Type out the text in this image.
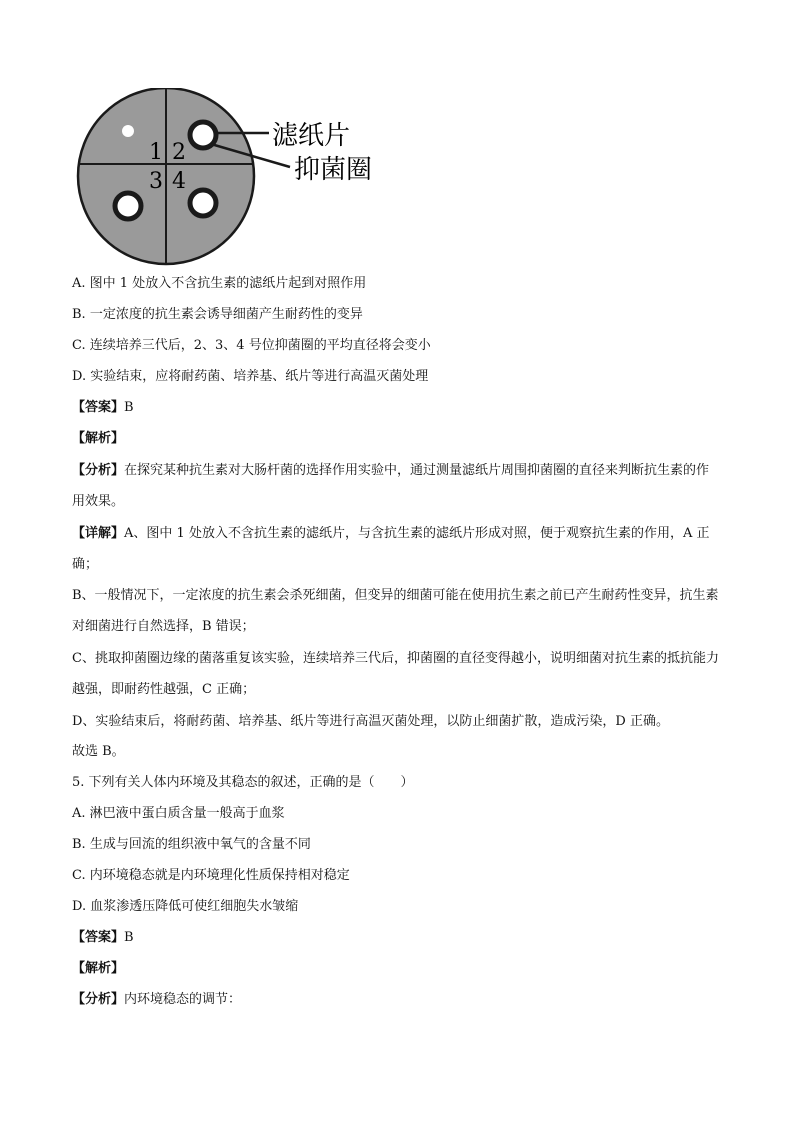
1 2
3 4
滤纸片
抑菌圈
A. 图中 1 处放入不含抗生素的滤纸片起到对照作用
B. 一定浓度的抗生素会诱导细菌产生耐药性的变异
C. 连续培养三代后，2、3、4 号位抑菌圈的平均直径将会变小
D. 实验结束，应将耐药菌、培养基、纸片等进行高温灭菌处理
【答案】B
【解析】
【分析】在探究某种抗生素对大肠杆菌的选择作用实验中，通过测量滤纸片周围抑菌圈的直径来判断抗生素的作用效果。
【详解】A、图中 1 处放入不含抗生素的滤纸片，与含抗生素的滤纸片形成对照，便于观察抗生素的作用，A 正确；
B、一般情况下，一定浓度的抗生素会杀死细菌，但变异的细菌可能在使用抗生素之前已产生耐药性变异，抗生素对细菌进行自然选择，B 错误；
C、挑取抑菌圈边缘的菌落重复该实验，连续培养三代后，抑菌圈的直径变得越小，说明细菌对抗生素的抵抗能力越强，即耐药性越强，C 正确；
D、实验结束后，将耐药菌、培养基、纸片等进行高温灭菌处理，以防止细菌扩散，造成污染，D 正确。
故选 B。
5. 下列有关人体内环境及其稳态的叙述，正确的是（　　）
A. 淋巴液中蛋白质含量一般高于血浆
B. 生成与回流的组织液中氧气的含量不同
C. 内环境稳态就是内环境理化性质保持相对稳定
D. 血浆渗透压降低可使红细胞失水皱缩
【答案】B
【解析】
【分析】内环境稳态的调节：
